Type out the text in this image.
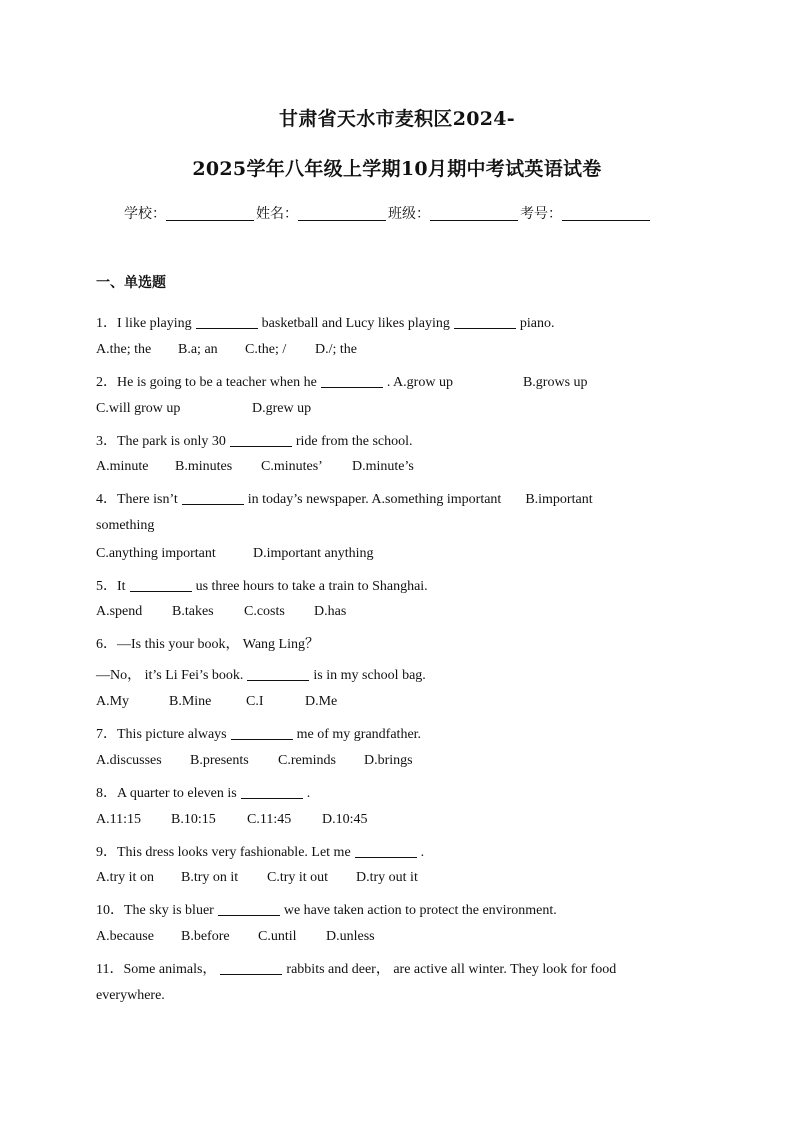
甘肃省天水市麦积区2024-
2025学年八年级上学期10月期中考试英语试卷
学校：	姓名：	班级：	考号：
一、单选题
1．I like playing	basketball and Lucy likes playing	piano.
A.the; the B.a; an C.the; / D./; the
2．He is going to be a teacher when he	. A.grow up	B.grows up
C.will grow up	D.grew up
3．The park is only 30	ride from the school.
A.minute B.minutes C.minutes’ D.minute’s
4．There isn’t	in today’s newspaper. A.something important B.important
something
C.anything important	D.important anything
5．It	us three hours to take a train to Shanghai.
A.spend B.takes C.costs D.has
6．—Is this your book， Wang Ling？
—No， it’s Li Fei’s book.	is in my school bag.
A.My	B.Mine C.I	D.Me
7．This picture always	me of my grandfather.
A.discusses B.presents C.reminds D.brings
8．A quarter to eleven is	.
A.11:15 B.10:15 C.11:45 D.10:45
9．This dress looks very fashionable. Let me	.
A.try it on B.try on it C.try it out D.try out it
10．The sky is bluer	we have taken action to protect the environment.
A.because B.before C.until D.unless
11．Some animals，	rabbits and deer， are active all winter. They look for food
everywhere.
